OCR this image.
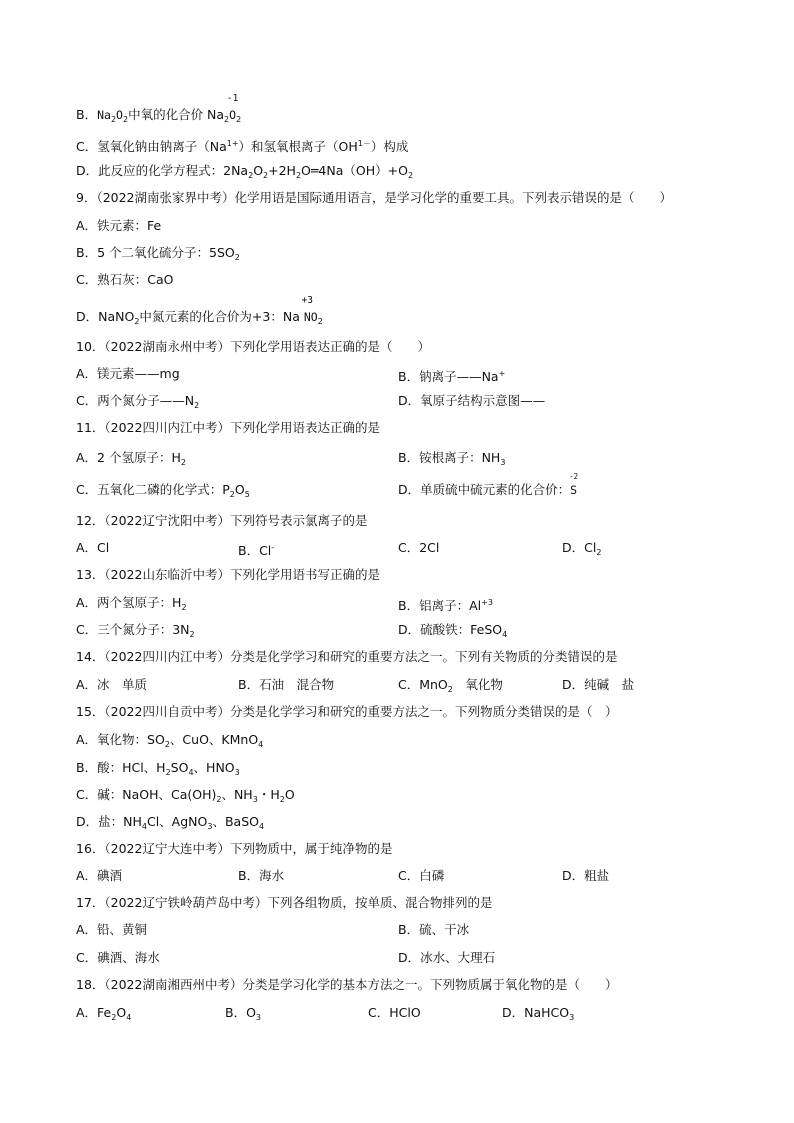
B．$Na_2O_2$中氧的化合价 $Na_2$
-1
$O_2$
C．氢氧化钠由钠离子$(Na^{1+})$和氢氧根离子$(OH^{1-})$构成
D．此反应的化学方程式：$2Na_2O_2+2H_2O═4Na(OH)+O_2$
9．（2022湖南张家界中考）化学用语是国际通用语言，是学习化学的重要工具。下列表示错误的是（　　）
A．铁元素：Fe
B．5 个二氧化硫分子：$5SO_2$
C．熟石灰：CaO
D．NaNO$_2$中氮元素的化合价为+3：Na
+3
$NO_2$
10．（2022湖南永州中考）下列化学用语表达正确的是（　　）
A．镁元素——mg	B．钠离子——Na+
C．两个氮分子$——N_2$	D．氧原子结构示意图——
11．（2022四川内江中考）下列化学用语表达正确的是
A．2 个氢原子：$H_2$	B．铵根离子：$NH_3$
C．五氧化二磷的化学式：$P_2O_5$	D．单质硫中硫元素的化合价：
-2
S
12．（2022辽宁沈阳中考）下列符号表示氯离子的是
A．Cl	B．Cl-	C．2Cl	D．$Cl_2$
13．（2022山东临沂中考）下列化学用语书写正确的是
A．两个氢原子：$H_2$	B．铝离子：$Al^{+3}$
C．三个氮分子：$3N_2$	D．硫酸铁：FeSO$_4$
14．（2022四川内江中考）分类是化学学习和研究的重要方法之一。下列有关物质的分类错误的是
A．冰　单质	B．石油　混合物	C．MnO$_2$　氧化物	D．纯碱　盐
15．（2022四川自贡中考）分类是化学学习和研究的重要方法之一。下列物质分类错误的是（　）
A．氧化物：$SO_2$、CuO、KMnO$_4$
B．酸：HCl、$H_2SO_4$、$HNO_3$
C．碱：NaOH、$Ca(OH)_2$、$NH_3$・$H_2O$
D．盐：$NH_4Cl$、AgNO$_3$、BaSO$_4$
16．（2022辽宁大连中考）下列物质中，属于纯净物的是
A．碘酒	B．海水	C．白磷	D．粗盐
17．（2022辽宁铁岭葫芦岛中考）下列各组物质，按单质、混合物排列的是
A．铅、黄铜	B．硫、干冰
C．碘酒、海水	D．冰水、大理石
18．（2022湖南湘西州中考）分类是学习化学的基本方法之一。下列物质属于氧化物的是（　　）
A．$Fe_2O_4$	B．$O_3$	C．HClO	D．NaHCO$_3$
